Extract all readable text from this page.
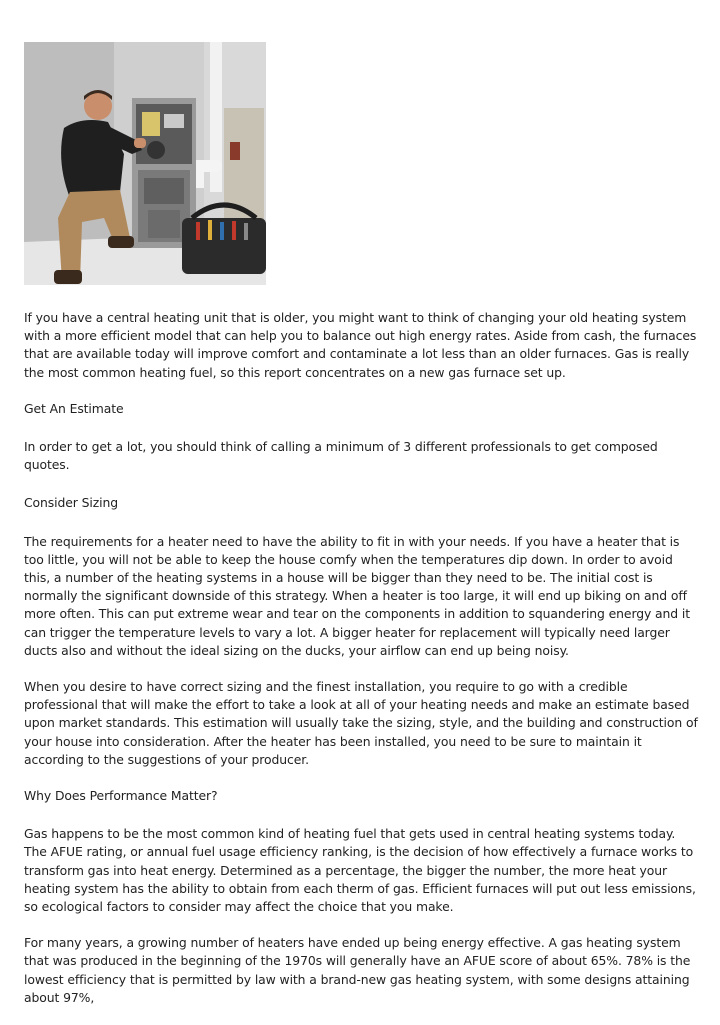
If you have a central heating unit that is older, you might want to think of changing your old heating system with a more efficient model that can help you to balance out high energy rates. Aside from cash, the furnaces that are available today will improve comfort and contaminate a lot less than an older furnaces. Gas is really the most common heating fuel, so this report concentrates on a new gas furnace set up.

Get An Estimate

In order to get a lot, you should think of calling a minimum of 3 different professionals to get composed quotes.

Consider Sizing

The requirements for a heater need to have the ability to fit in with your needs. If you have a heater that is too little, you will not be able to keep the house comfy when the temperatures dip down. In order to avoid this, a number of the heating systems in a house will be bigger than they need to be. The initial cost is normally the significant downside of this strategy. When a heater is too large, it will end up biking on and off more often. This can put extreme wear and tear on the components in addition to squandering energy and it can trigger the temperature levels to vary a lot. A bigger heater for replacement will typically need larger ducts also and without the ideal sizing on the ducks, your airflow can end up being noisy.

When you desire to have correct sizing and the finest installation, you require to go with a credible professional that will make the effort to take a look at all of your heating needs and make an estimate based upon market standards. This estimation will usually take the sizing, style, and the building and construction of your house into consideration. After the heater has been installed, you need to be sure to maintain it according to the suggestions of your producer.

Why Does Performance Matter?

Gas happens to be the most common kind of heating fuel that gets used in central heating systems today. The AFUE rating, or annual fuel usage efficiency ranking, is the decision of how effectively a furnace works to transform gas into heat energy. Determined as a percentage, the bigger the number, the more heat your heating system has the ability to obtain from each therm of gas. Efficient furnaces will put out less emissions, so ecological factors to consider may affect the choice that you make.

For many years, a growing number of heaters have ended up being energy effective. A gas heating system that was produced in the beginning of the 1970s will generally have an AFUE score of about 65%. 78% is the lowest efficiency that is permitted by law with a brand-new gas heating system, with some designs attaining about 97%,
